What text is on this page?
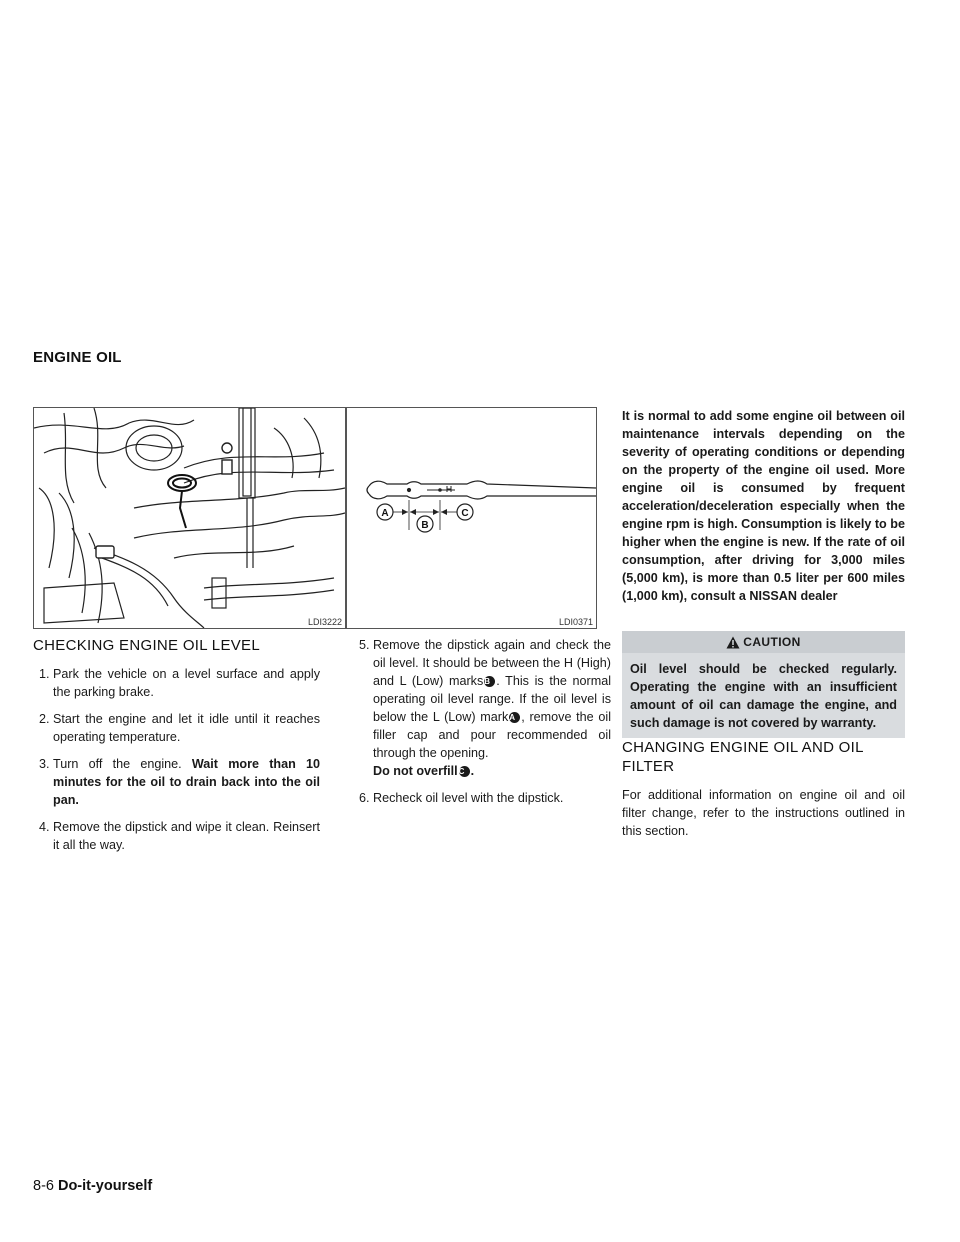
ENGINE OIL
LDI3222
A
B
C
LDI0371
CHECKING ENGINE OIL LEVEL
1. Park the vehicle on a level surface and apply the parking brake.
2. Start the engine and let it idle until it reaches operating temperature.
3. Turn off the engine. Wait more than 10 minutes for the oil to drain back into the oil pan.
4. Remove the dipstick and wipe it clean. Reinsert it all the way.
5. Remove the dipstick again and check the oil level. It should be between the H (High) and L (Low) marksB . This is the normal operating oil level range. If the oil level is below the L (Low) markA , remove the oil filler cap and pour recommended oil through the opening.
Do not overfillC .
6. Recheck oil level with the dipstick.

It is normal to add some engine oil between oil maintenance intervals depending on the severity of operating conditions or depending on the property of the engine oil used. More engine oil is consumed by frequent acceleration/deceleration especially when the engine rpm is high. Consumption is likely to be higher when the engine is new. If the rate of oil consumption, after driving for 3,000 miles (5,000 km), is more than 0.5 liter per 600 miles (1,000 km), consult a NISSAN dealer

CAUTION

Oil level should be checked regularly. Operating the engine with an insufficient amount of oil can damage the engine, and such damage is not covered by warranty.

CHANGING ENGINE OIL AND OIL FILTER

For additional information on engine oil and oil filter change, refer to the instructions outlined in this section.

8-6 Do-it-yourself
